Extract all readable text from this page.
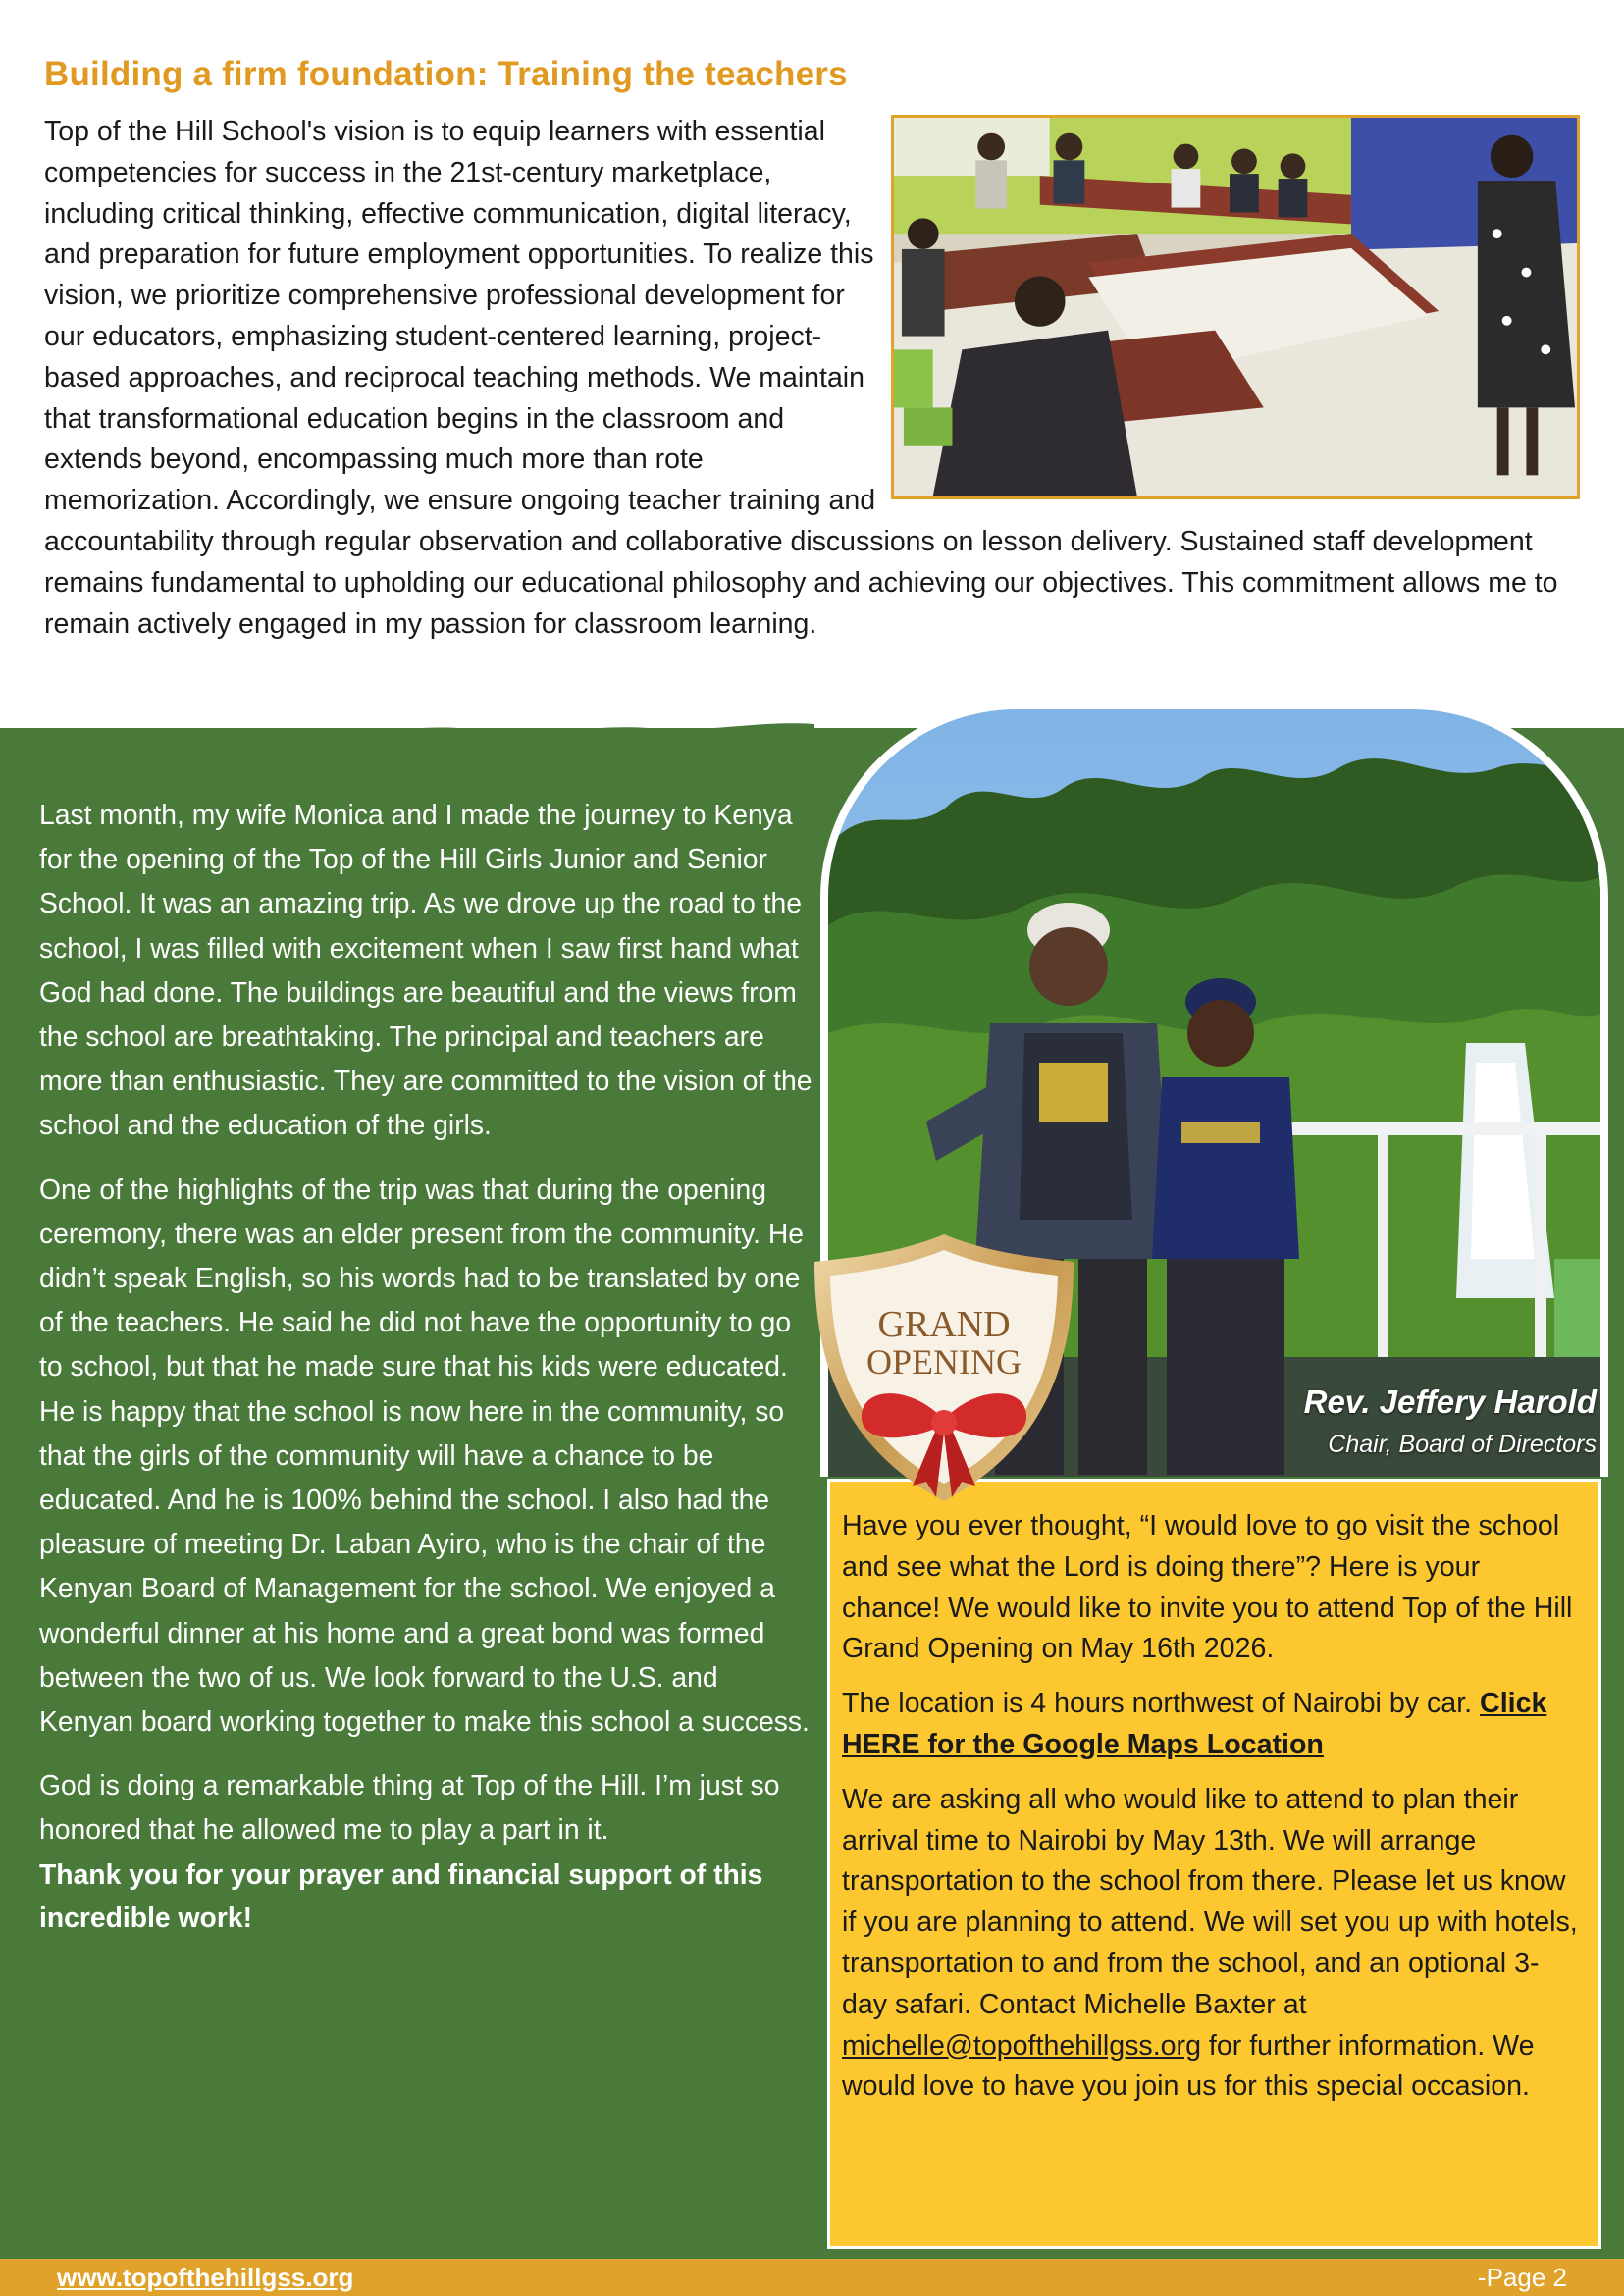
Building a firm foundation: Training the teachers

Top of the Hill School's vision is to equip learners with essential competencies for success in the 21st-century marketplace, including critical thinking, effective communication, digital literacy, and preparation for future employment opportunities. To realize this vision, we prioritize comprehensive professional development for our educators, emphasizing student-centered learning, project-based approaches, and reciprocal teaching methods. We maintain that transformational education begins in the classroom and extends beyond, encompassing much more than rote memorization. Accordingly, we ensure ongoing teacher training and accountability through regular observation and collaborative discussions on lesson delivery. Sustained staff development remains fundamental to upholding our educational philosophy and achieving our objectives. This commitment allows me to remain actively engaged in my passion for classroom learning.

Last month, my wife Monica and I made the journey to Kenya for the opening of the Top of the Hill Girls Junior and Senior School. It was an amazing trip. As we drove up the road to the school, I was filled with excitement when I saw first hand what God had done. The buildings are beautiful and the views from the school are breathtaking. The principal and teachers are more than enthusiastic. They are committed to the vision of the school and the education of the girls.

One of the highlights of the trip was that during the opening ceremony, there was an elder present from the community. He didn’t speak English, so his words had to be translated by one of the teachers. He said he did not have the opportunity to go to school, but that he made sure that his kids were educated. He is happy that the school is now here in the community, so that the girls of the community will have a chance to be educated. And he is 100% behind the school. I also had the pleasure of meeting Dr. Laban Ayiro, who is the chair of the Kenyan Board of Management for the school. We enjoyed a wonderful dinner at his home and a great bond was formed between the two of us. We look forward to the U.S. and Kenyan board working together to make this school a success.

God is doing a remarkable thing at Top of the Hill. I’m just so honored that he allowed me to play a part in it.

Thank you for your prayer and financial support of this incredible work!

Rev. Jeffery Harold
Chair, Board of Directors

Have you ever thought, “I would love to go visit the school and see what the Lord is doing there”? Here is your chance! We would like to invite you to attend Top of the Hill Grand Opening on May 16th 2026.

The location is 4 hours northwest of Nairobi by car. Click HERE for the Google Maps Location

We are asking all who would like to attend to plan their arrival time to Nairobi by May 13th. We will arrange transportation to the school from there. Please let us know if you are planning to attend. We will set you up with hotels, transportation to and from the school, and an optional 3-day safari. Contact Michelle Baxter at michelle@topofthehillgss.org for further information. We would love to have you join us for this special occasion.

GRAND
OPENING
www.topofthehillgss.org	-Page 2
